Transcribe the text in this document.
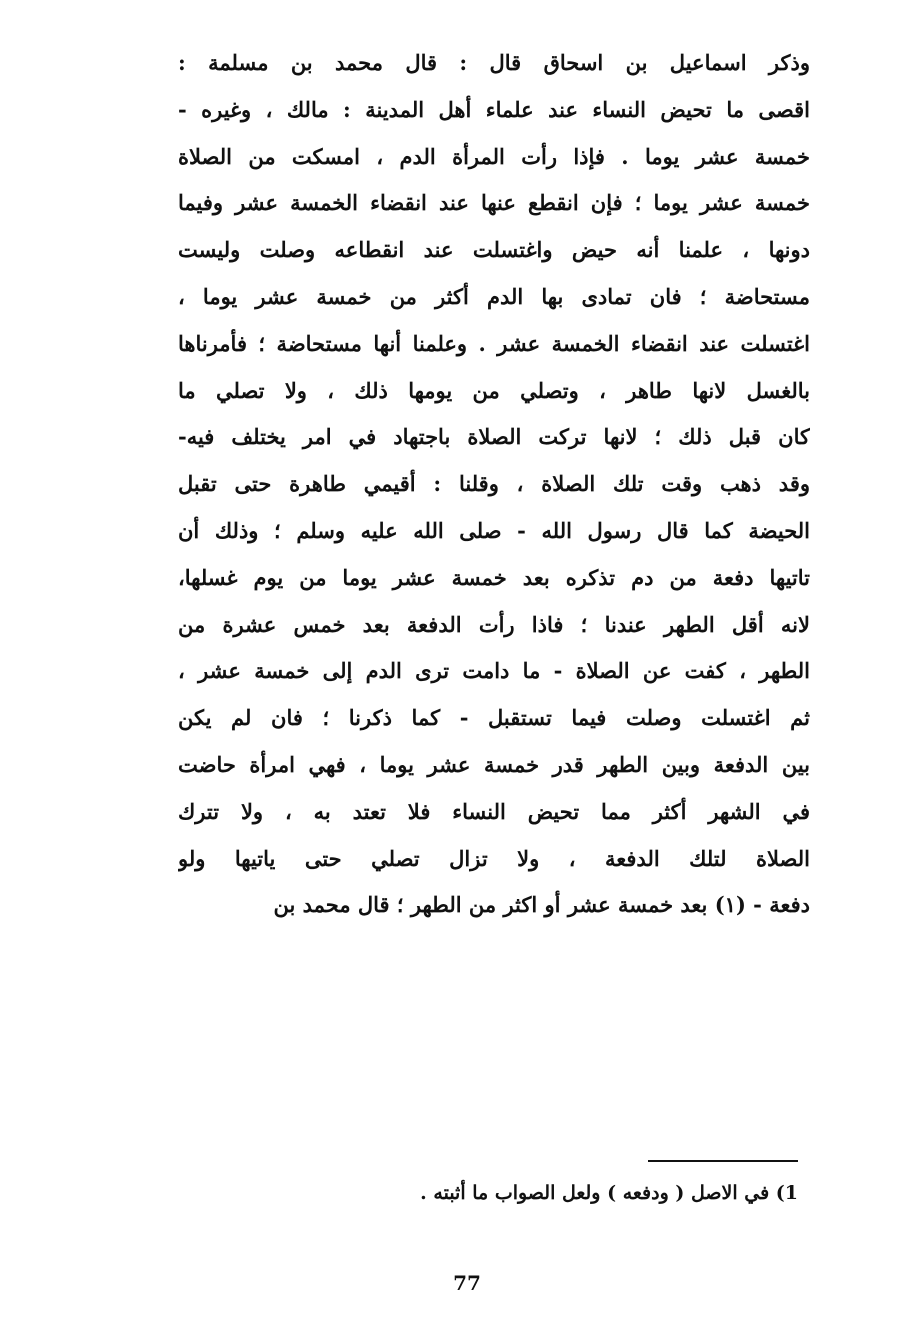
وذكر اسماعيل بن اسحاق قال : قال محمد بن مسلمة :
اقصى ما تحيض النساء عند علماء أهل المدينة : مالك ، وغيره -
خمسة عشر يوما . فإذا رأت المرأة الدم ، امسكت من الصلاة
خمسة عشر يوما ؛ فإن انقطع عنها عند انقضاء الخمسة عشر وفيما
دونها ، علمنا أنه حيض واغتسلت عند انقطاعه وصلت وليست
مستحاضة ؛ فان تمادى بها الدم أكثر من خمسة عشر يوما ،
اغتسلت عند انقضاء الخمسة عشر . وعلمنا أنها مستحاضة ؛ فأمرناها
بالغسل لانها طاهر ، وتصلي من يومها ذلك ، ولا تصلي ما
كان قبل ذلك ؛ لانها تركت الصلاة باجتهاد في امر يختلف فيه-
وقد ذهب وقت تلك الصلاة ، وقلنا : أقيمي طاهرة حتى تقبل
الحيضة كما قال رسول الله - صلى الله عليه وسلم ؛ وذلك أن
تاتيها دفعة من دم تذكره بعد خمسة عشر يوما من يوم غسلها،
لانه أقل الطهر عندنا ؛ فاذا رأت الدفعة بعد خمس عشرة من
الطهر ، كفت عن الصلاة - ما دامت ترى الدم إلى خمسة عشر ،
ثم اغتسلت وصلت فيما تستقبل - كما ذكرنا ؛ فان لم يكن
بين الدفعة وبين الطهر قدر خمسة عشر يوما ، فهي امرأة حاضت
في الشهر أكثر مما تحيض النساء فلا تعتد به ، ولا تترك
الصلاة لتلك الدفعة ، ولا تزال تصلي حتى ياتيها ولو
دفعة - (١) بعد خمسة عشر أو اكثر من الطهر ؛ قال محمد بن
1) في الاصل ( ودفعه ) ولعل الصواب ما أثبته .
77
